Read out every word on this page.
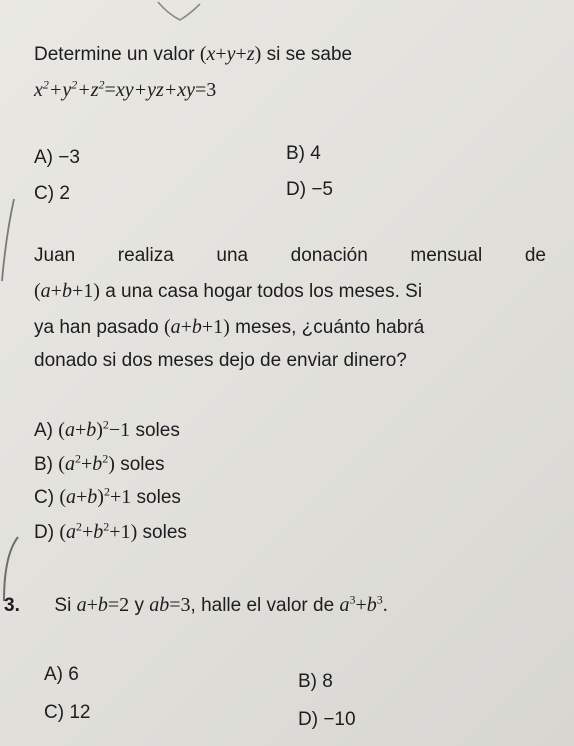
Determine un valor (x+y+z) si se sabe
$x^2+y^2+z^2=xy+yz+xy=3$
A) −3	B) 4
C) 2	D) −5
Juan realiza una donación mensual de
(a+b+1) a una casa hogar todos los meses. Si
ya han pasado (a+b+1) meses, ¿cuánto habrá
donado si dos meses dejo de enviar dinero?
A) $(a+b)^2-1$ soles
B) $(a^2+b^2)$ soles
C) $(a+b)^2+1$ soles
D) $(a^2+b^2+1)$ soles
3. Si a+b=2 y ab=3, halle el valor de $a^3+b^3$.
A) 6	B) 8
C) 12	D) −10
